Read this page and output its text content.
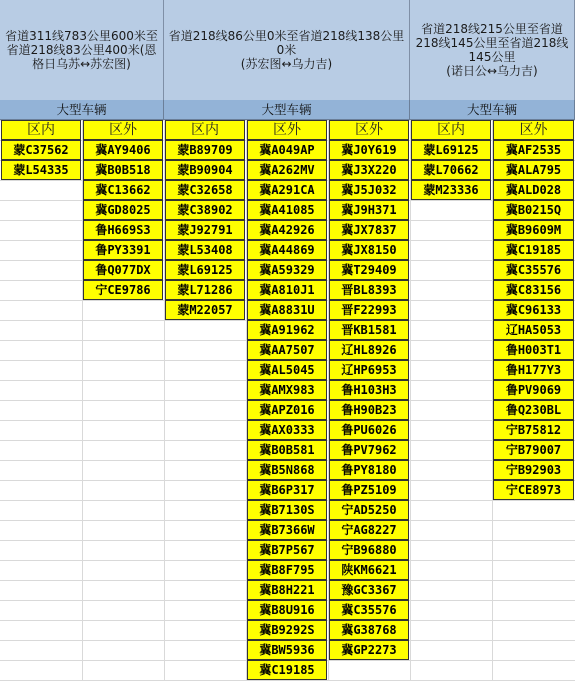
省道311线783公里600米至省道218线83公里400米(恩格日乌苏↔苏宏图)
大型车辆
省道218线86公里0米至省道218线138公里0米
(苏宏图↔乌力吉)
大型车辆
省道218线215公里至省道218线145公里至省道218线145公里
(诺日公↔乌力吉)
大型车辆
区内
蒙C37562
蒙L54335
区外
冀AY9406
冀B0B518
冀C13662
冀GD8025
鲁H669S3
鲁PY3391
鲁Q077DX
宁CE9786
区内
蒙B89709
蒙B90904
蒙C32658
蒙C38902
蒙J92791
蒙L53408
蒙L69125
蒙L71286
蒙M22057
区外
冀A049AP
冀A262MV
冀A291CA
冀A41085
冀A42926
冀A44869
冀A59329
冀A810J1
冀A8831U
冀A91962
冀AA7507
冀AL5045
冀AMX983
冀APZ016
冀AX0333
冀B0B581
冀B5N868
冀B6P317
冀B7130S
冀B7366W
冀B7P567
冀B8F795
冀B8H221
冀B8U916
冀B9292S
冀BW5936
冀C19185
区外
冀J0Y619
冀J3X220
冀J5J032
冀J9H371
冀JX7837
冀JX8150
冀T29409
晋BL8393
晋F22993
晋KB1581
辽HL8926
辽HP6953
鲁H103H3
鲁H90B23
鲁PU6026
鲁PV7962
鲁PY8180
鲁PZ5109
宁AD5250
宁AG8227
宁B96880
陕KM6621
豫GC3367
冀C35576
冀G38768
冀GP2273
区内
蒙L69125
蒙L70662
蒙M23336
区外
冀AF2535
冀ALA795
冀ALD028
冀B0215Q
冀B9609M
冀C19185
冀C35576
冀C83156
冀C96133
辽HA5053
鲁H003T1
鲁H177Y3
鲁PV9069
鲁Q230BL
宁B75812
宁B79007
宁B92903
宁CE8973
